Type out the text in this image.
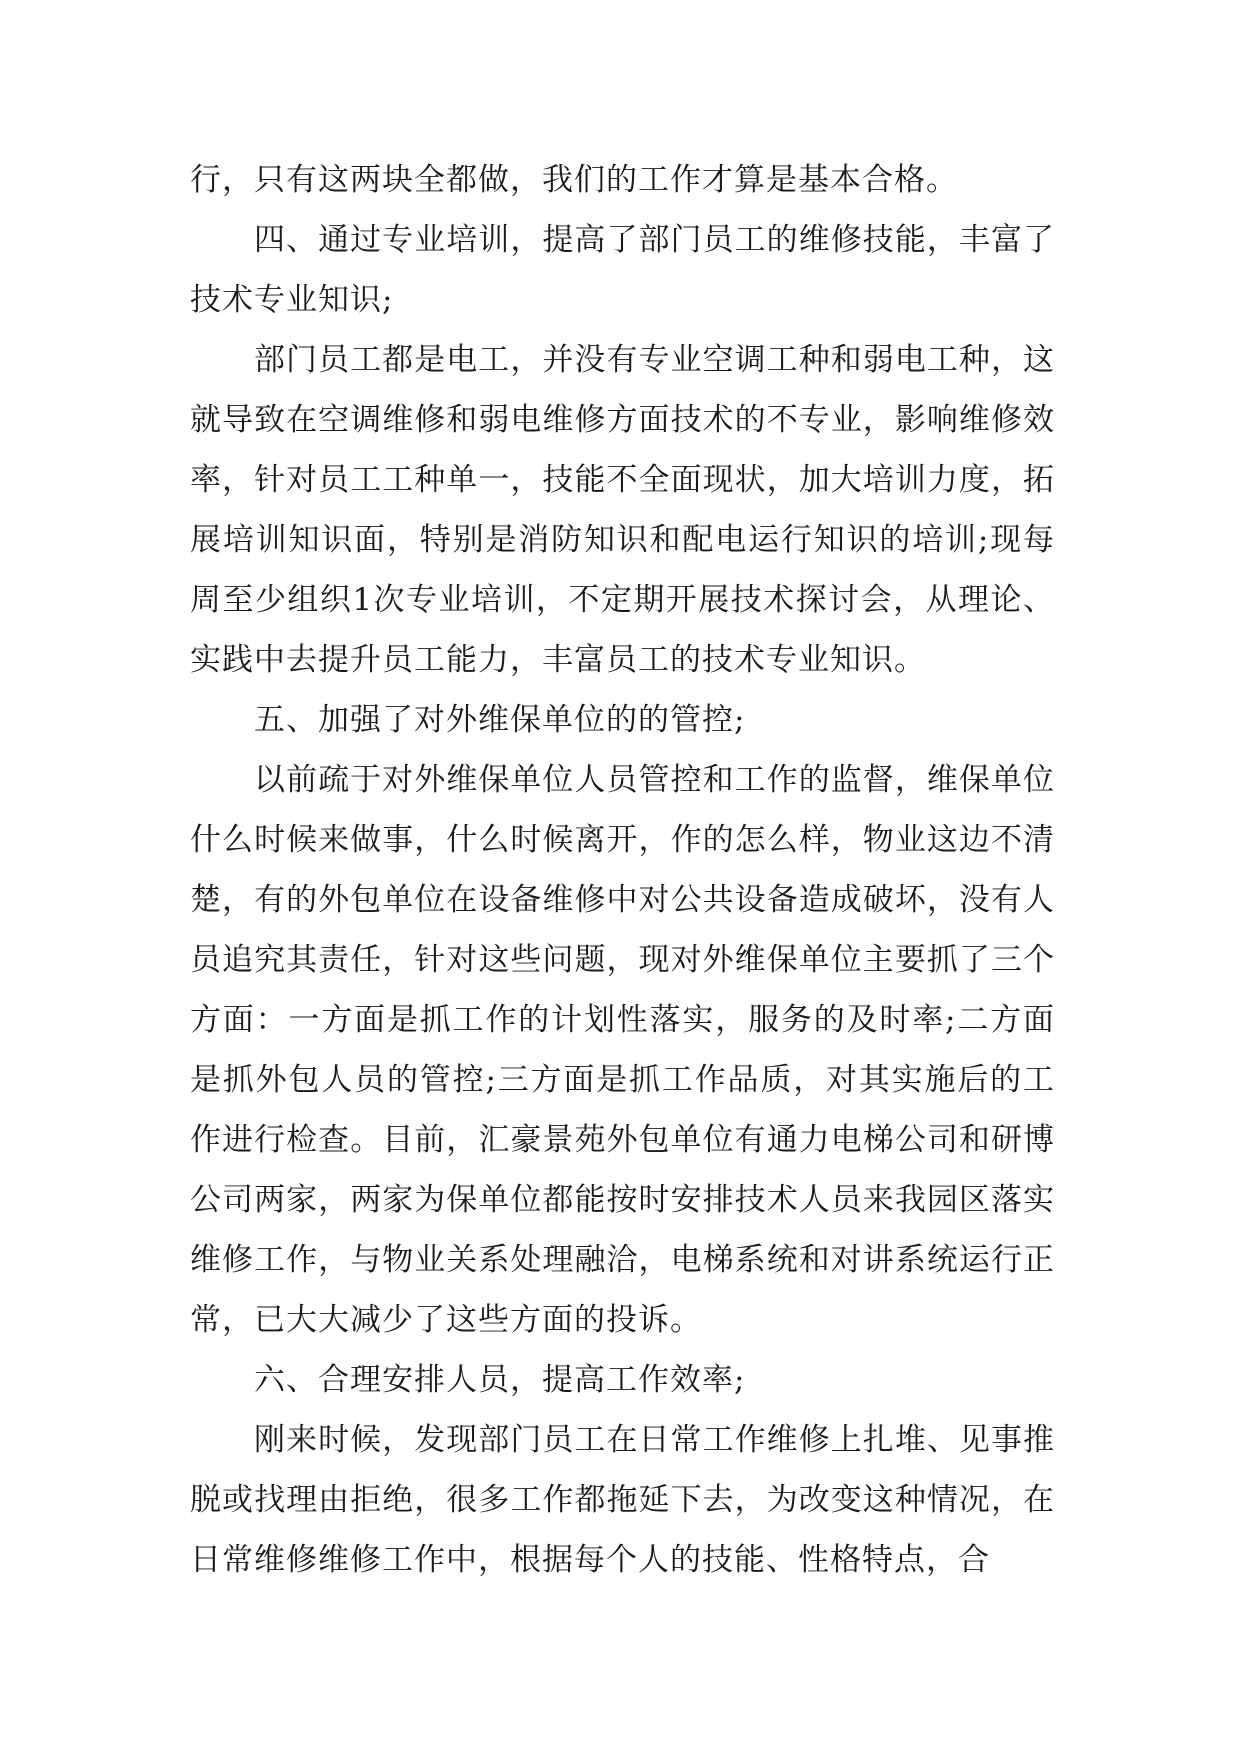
行，只有这两块全都做，我们的工作才算是基本合格。

四、通过专业培训，提高了部门员工的维修技能，丰富了技术专业知识;

部门员工都是电工，并没有专业空调工种和弱电工种，这就导致在空调维修和弱电维修方面技术的不专业，影响维修效率，针对员工工种单一，技能不全面现状，加大培训力度，拓展培训知识面，特别是消防知识和配电运行知识的培训;现每周至少组织1次专业培训，不定期开展技术探讨会，从理论、实践中去提升员工能力，丰富员工的技术专业知识。

五、加强了对外维保单位的的管控;

以前疏于对外维保单位人员管控和工作的监督，维保单位什么时候来做事，什么时候离开，作的怎么样，物业这边不清楚，有的外包单位在设备维修中对公共设备造成破坏，没有人员追究其责任，针对这些问题，现对外维保单位主要抓了三个方面：一方面是抓工作的计划性落实，服务的及时率;二方面是抓外包人员的管控;三方面是抓工作品质，对其实施后的工作进行检查。目前，汇豪景苑外包单位有通力电梯公司和研博公司两家，两家为保单位都能按时安排技术人员来我园区落实维修工作，与物业关系处理融洽，电梯系统和对讲系统运行正常，已大大减少了这些方面的投诉。

六、合理安排人员，提高工作效率;

刚来时候，发现部门员工在日常工作维修上扎堆、见事推脱或找理由拒绝，很多工作都拖延下去，为改变这种情况，在日常维修维修工作中，根据每个人的技能、性格特点，合
